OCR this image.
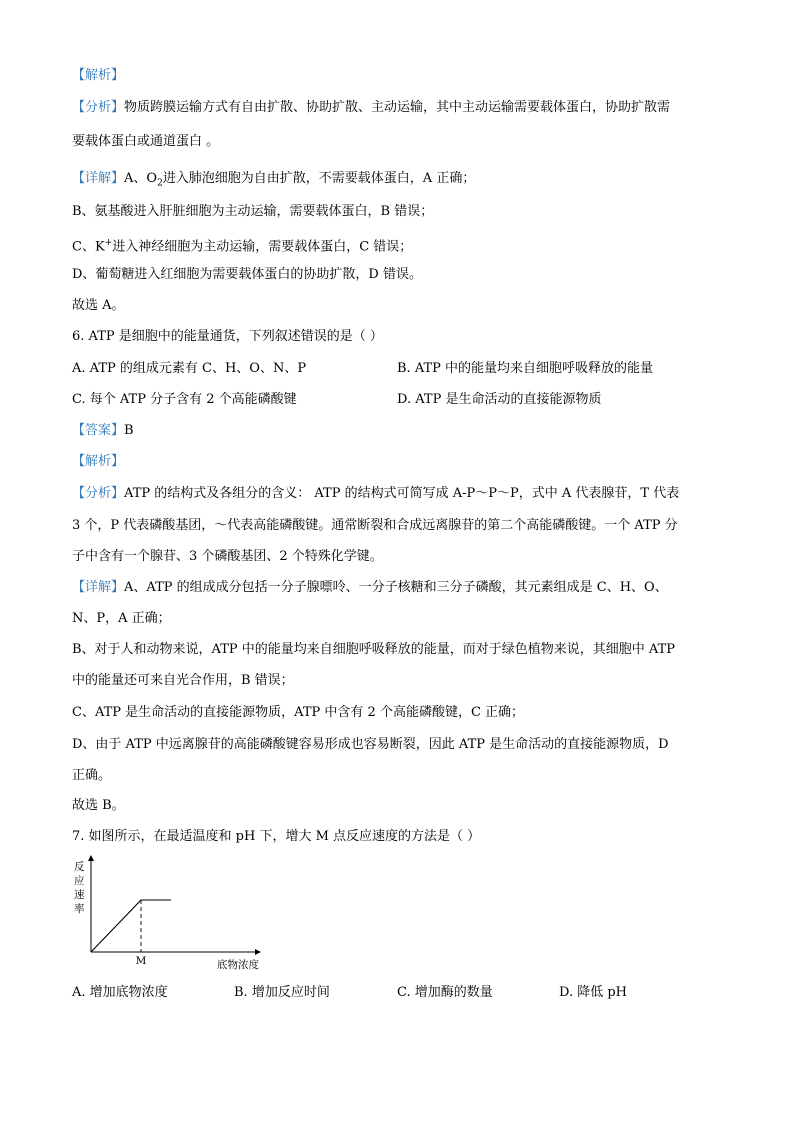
【解析】
【分析】物质跨膜运输方式有自由扩散、协助扩散、主动运输，其中主动运输需要载体蛋白，协助扩散需
要载体蛋白或通道蛋白 。
【详解】A、$O_2$进入肺泡细胞为自由扩散，不需要载体蛋白，A 正确；
B、氨基酸进入肝脏细胞为主动运输，需要载体蛋白，B 错误；
C、K+进入神经细胞为主动运输，需要载体蛋白，C 错误；
D、葡萄糖进入红细胞为需要载体蛋白的协助扩散，D 错误。
故选 A。
6. ATP 是细胞中的能量通货，下列叙述错误的是（ ）
A. ATP 的组成元素有 C、H、O、N、P	B. ATP 中的能量均来自细胞呼吸释放的能量
C. 每个 ATP 分子含有 2 个高能磷酸键	D. ATP 是生命活动的直接能源物质
【答案】B
【解析】
【分析】ATP 的结构式及各组分的含义： ATP 的结构式可简写成 A-P～P～P，式中 A 代表腺苷，T 代表
3 个，P 代表磷酸基团，～代表高能磷酸键。通常断裂和合成远离腺苷的第二个高能磷酸键。一个 ATP 分
子中含有一个腺苷、3 个磷酸基团、2 个特殊化学键。
【详解】A、ATP 的组成成分包括一分子腺嘌呤、一分子核糖和三分子磷酸，其元素组成是 C、H、O、
N、P，A 正确；
B、对于人和动物来说，ATP 中的能量均来自细胞呼吸释放的能量，而对于绿色植物来说，其细胞中 ATP
中的能量还可来自光合作用，B 错误；
C、ATP 是生命活动的直接能源物质，ATP 中含有 2 个高能磷酸键，C 正确；
D、由于 ATP 中远离腺苷的高能磷酸键容易形成也容易断裂，因此 ATP 是生命活动的直接能源物质，D
正确。
故选 B。
7. 如图所示，在最适温度和 pH 下，增大 M 点反应速度的方法是（ ）
反
应
速
率
M	底物浓度
A. 增加底物浓度	B. 增加反应时间	C. 增加酶的数量	D. 降低 pH
